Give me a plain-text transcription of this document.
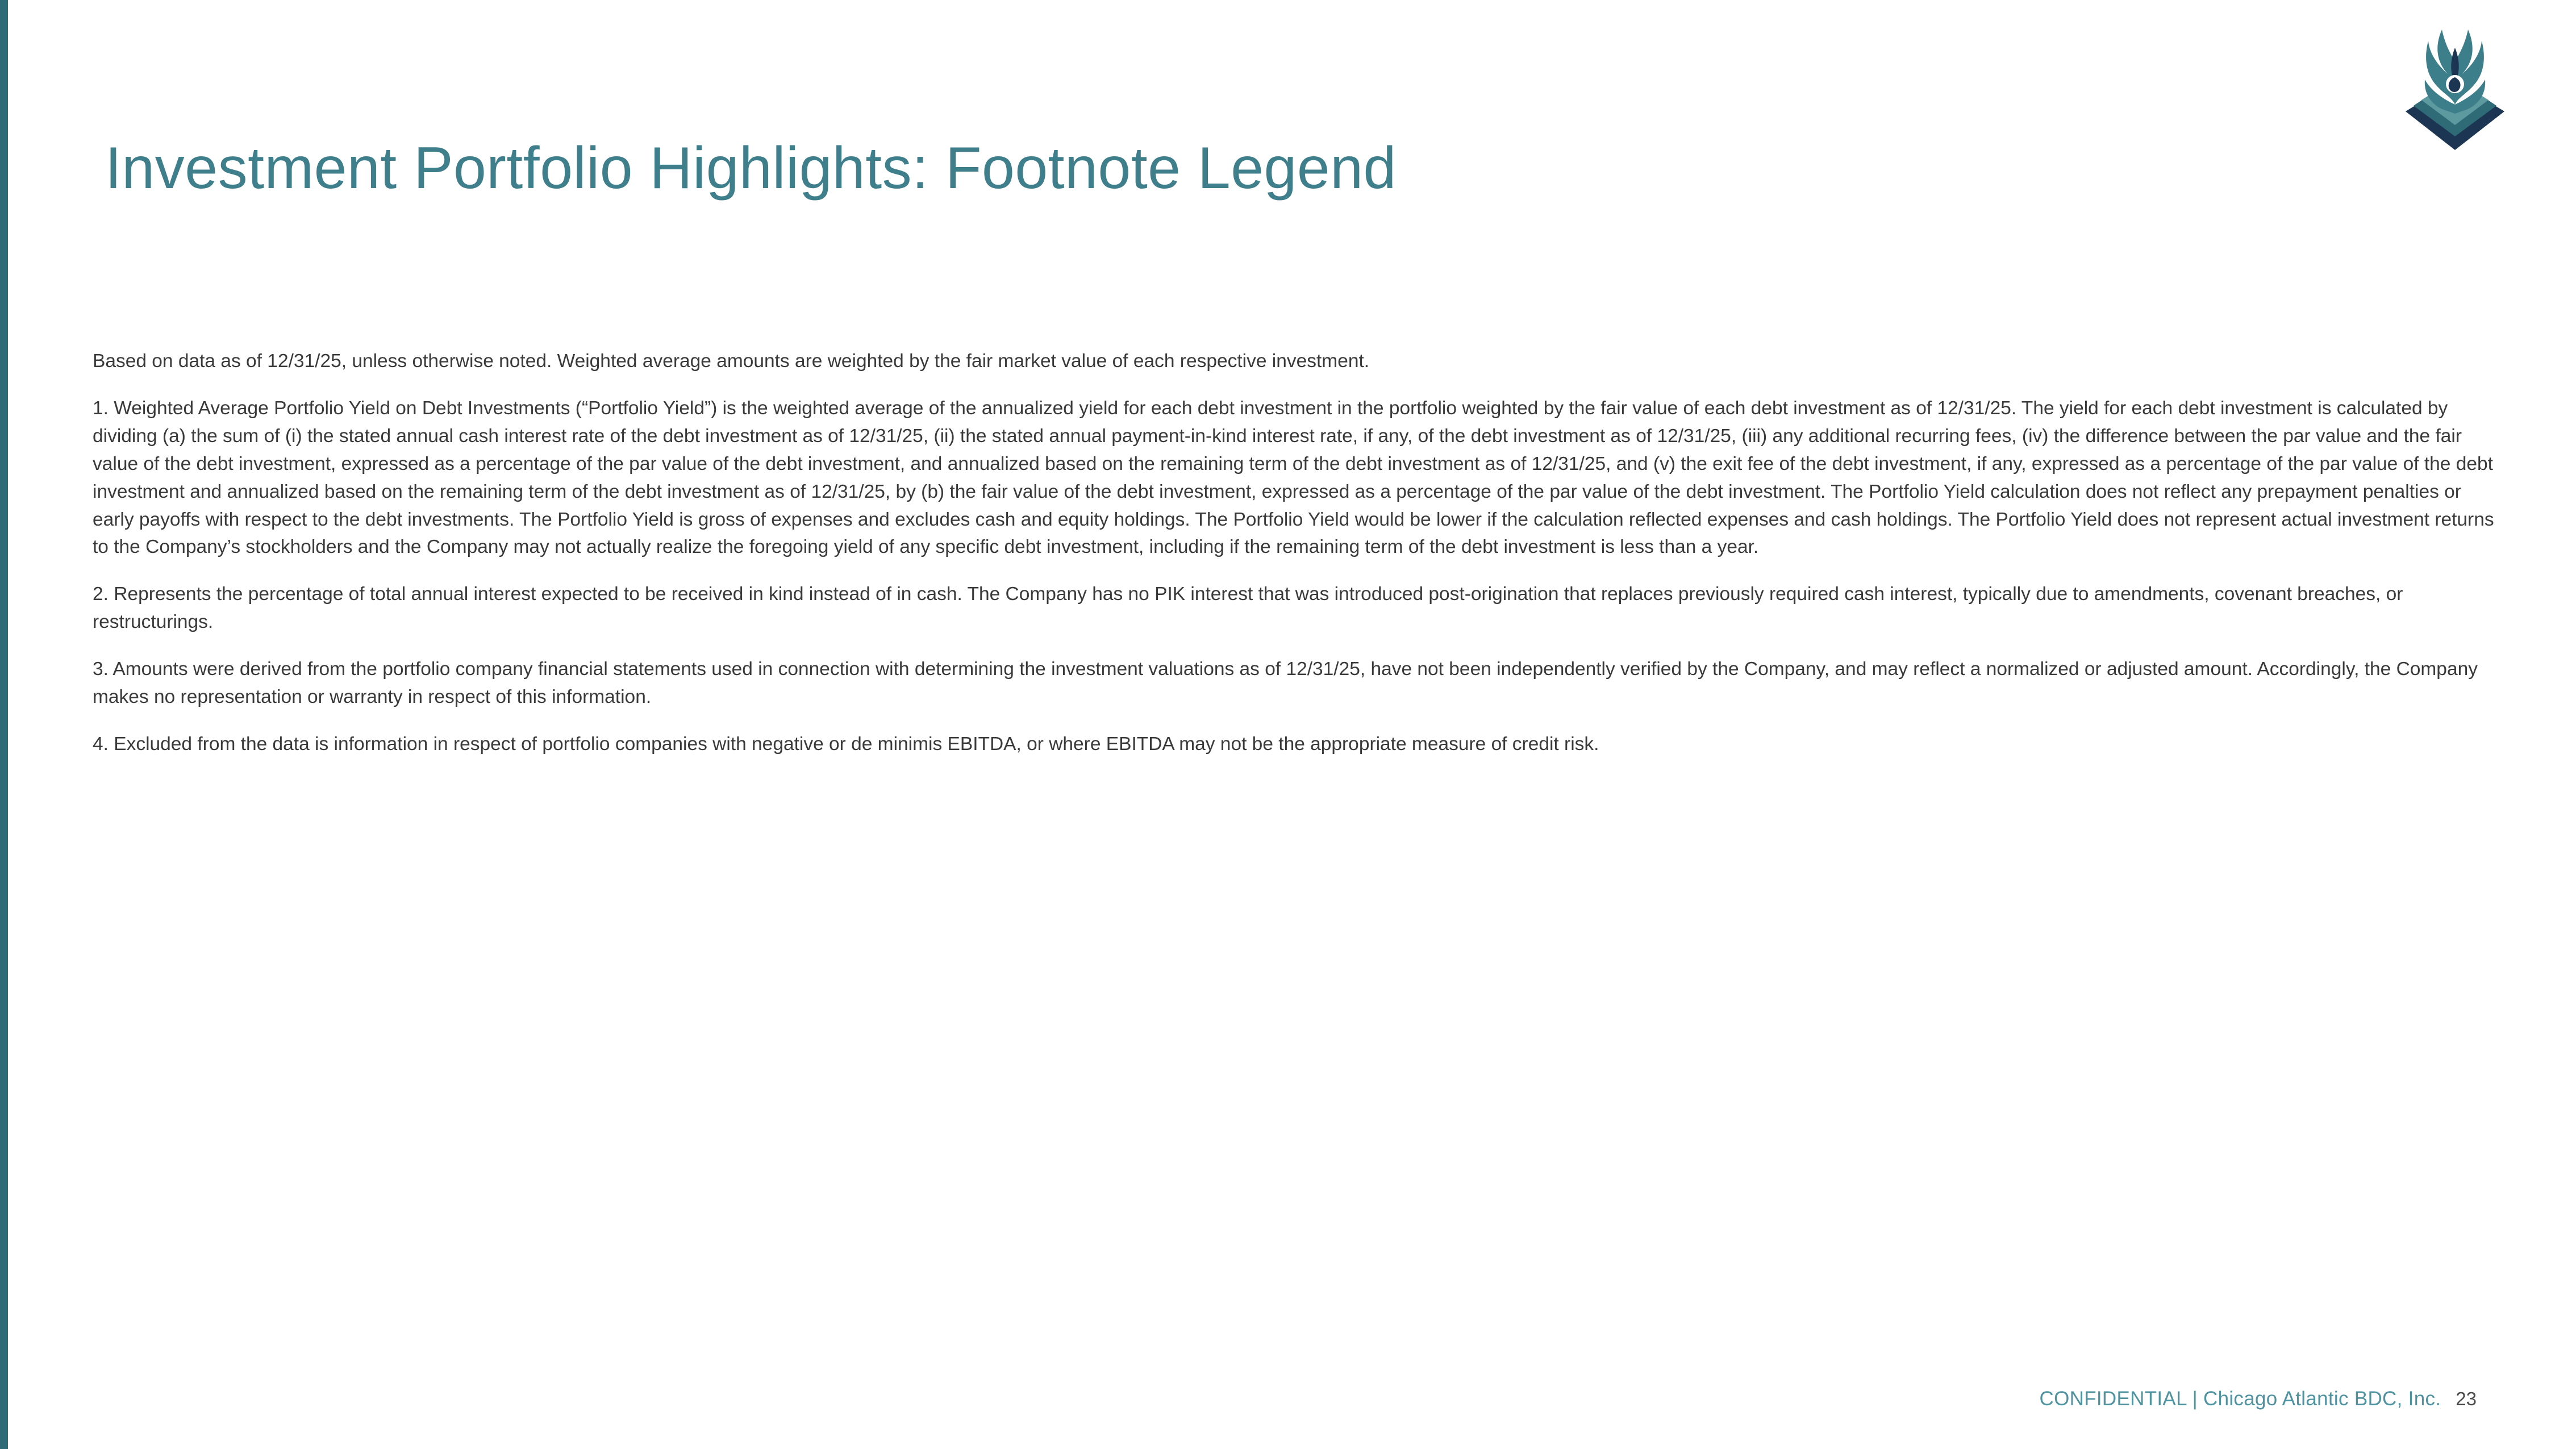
Investment Portfolio Highlights: Footnote Legend

Based on data as of 12/31/25, unless otherwise noted. Weighted average amounts are weighted by the fair market value of each respective investment.

1. Weighted Average Portfolio Yield on Debt Investments (“Portfolio Yield”) is the weighted average of the annualized yield for each debt investment in the portfolio weighted by the fair value of each debt investment as of 12/31/25. The yield for each debt investment is calculated by dividing (a) the sum of (i) the stated annual cash interest rate of the debt investment as of 12/31/25, (ii) the stated annual payment-in-kind interest rate, if any, of the debt investment as of 12/31/25, (iii) any additional recurring fees, (iv) the difference between the par value and the fair value of the debt investment, expressed as a percentage of the par value of the debt investment, and annualized based on the remaining term of the debt investment as of 12/31/25, and (v) the exit fee of the debt investment, if any, expressed as a percentage of the par value of the debt investment and annualized based on the remaining term of the debt investment as of 12/31/25, by (b) the fair value of the debt investment, expressed as a percentage of the par value of the debt investment. The Portfolio Yield calculation does not reflect any prepayment penalties or early payoffs with respect to the debt investments. The Portfolio Yield is gross of expenses and excludes cash and equity holdings. The Portfolio Yield would be lower if the calculation reflected expenses and cash holdings. The Portfolio Yield does not represent actual investment returns to the Company’s stockholders and the Company may not actually realize the foregoing yield of any specific debt investment, including if the remaining term of the debt investment is less than a year.

2. Represents the percentage of total annual interest expected to be received in kind instead of in cash. The Company has no PIK interest that was introduced post-origination that replaces previously required cash interest, typically due to amendments, covenant breaches, or restructurings.

3. Amounts were derived from the portfolio company financial statements used in connection with determining the investment valuations as of 12/31/25, have not been independently verified by the Company, and may reflect a normalized or adjusted amount. Accordingly, the Company makes no representation or warranty in respect of this information.

4. Excluded from the data is information in respect of portfolio companies with negative or de minimis EBITDA, or where EBITDA may not be the appropriate measure of credit risk.

CONFIDENTIAL | Chicago Atlantic BDC, Inc. 23
